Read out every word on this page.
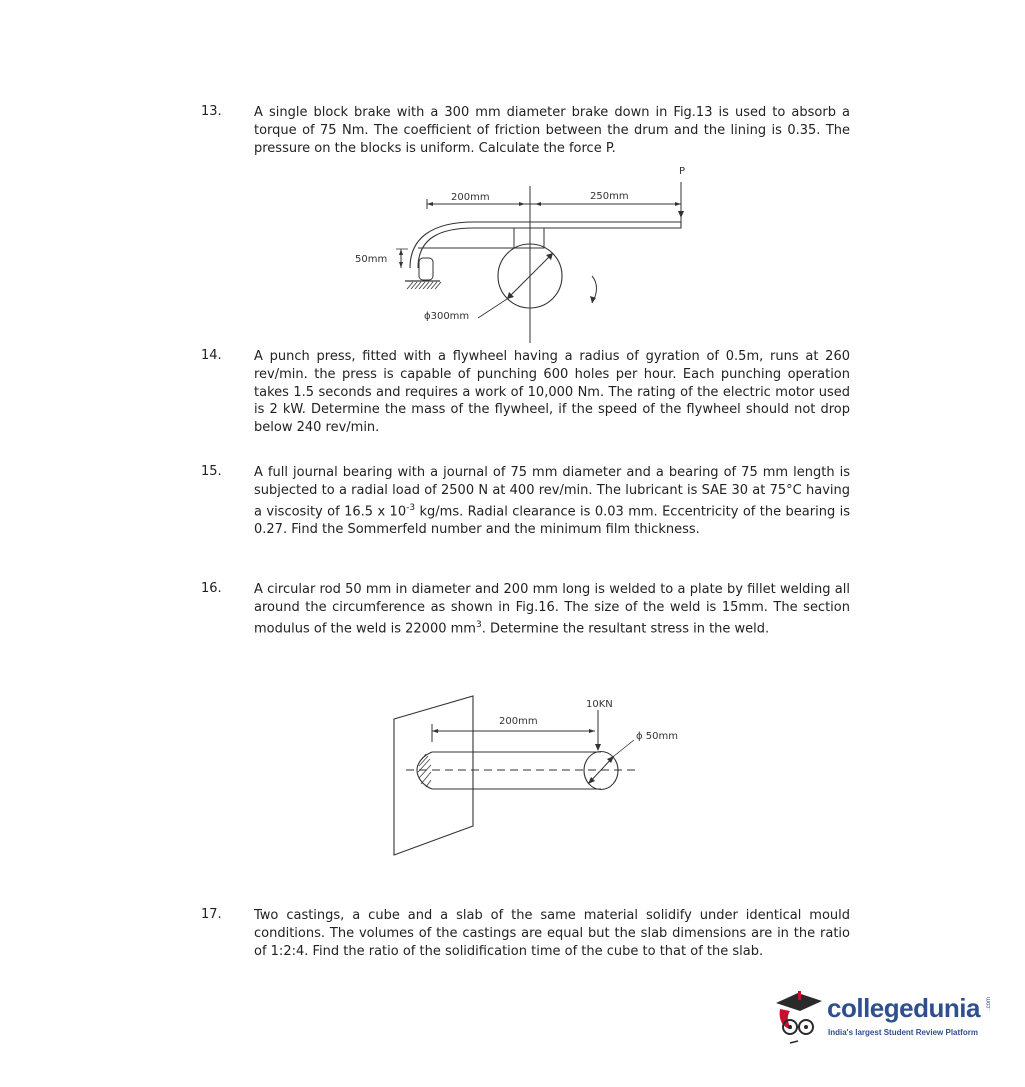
13. A single block brake with a 300 mm diameter brake down in Fig.13 is used to absorb a torque of 75 Nm. The coefficient of friction between the drum and the lining is 0.35. The pressure on the blocks is uniform. Calculate the force P.
P
200mm	250mm
50mm
ϕ300mm
14. A punch press, fitted with a flywheel having a radius of gyration of 0.5m, runs at 260 rev/min. the press is capable of punching 600 holes per hour. Each punching operation takes 1.5 seconds and requires a work of 10,000 Nm. The rating of the electric motor used is 2 kW. Determine the mass of the flywheel, if the speed of the flywheel should not drop below 240 rev/min.
15. A full journal bearing with a journal of 75 mm diameter and a bearing of 75 mm length is subjected to a radial load of 2500 N at 400 rev/min. The lubricant is SAE 30 at 75°C having a viscosity of 16.5 x $10^{-3}$ kg/ms. Radial clearance is 0.03 mm. Eccentricity of the bearing is 0.27. Find the Sommerfeld number and the minimum film thickness.
16. A circular rod 50 mm in diameter and 200 mm long is welded to a plate by fillet welding all around the circumference as shown in Fig.16. The size of the weld is 15mm. The section modulus of the weld is 22000 $mm^3$. Determine the resultant stress in the weld.
10KN
200mm
ϕ 50mm
17. Two castings, a cube and a slab of the same material solidify under identical mould conditions. The volumes of the castings are equal but the slab dimensions are in the ratio of 1:2:4. Find the ratio of the solidification time of the cube to that of the slab.
collegedunia .com
India's largest Student Review Platform
